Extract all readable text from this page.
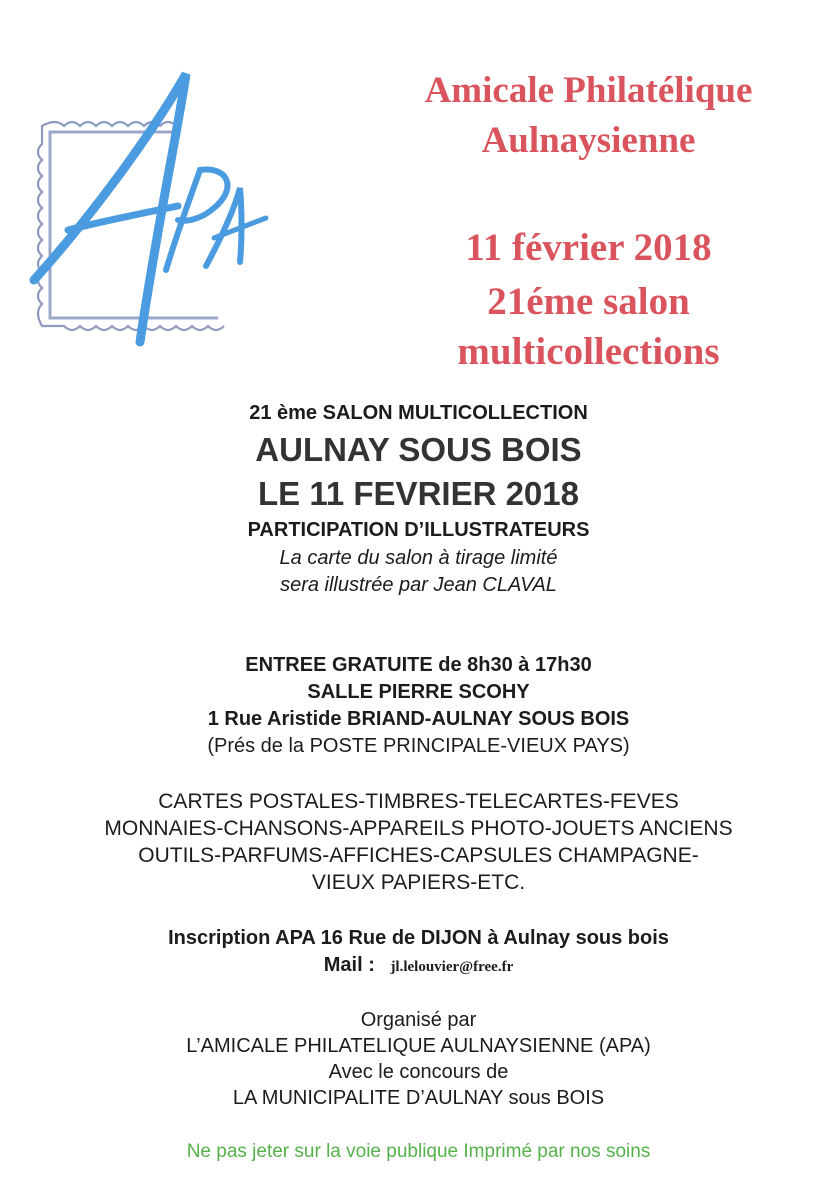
Amicale Philatélique
Aulnaysienne
11 février 2018
21éme salon
multicollections

21 ème SALON MULTICOLLECTION

AULNAY SOUS BOIS

LE 11 FEVRIER 2018

PARTICIPATION D’ILLUSTRATEURS

La carte du salon à tirage limité

sera illustrée par Jean CLAVAL

ENTREE GRATUITE de 8h30 à 17h30

SALLE PIERRE SCOHY

1 Rue Aristide BRIAND-AULNAY SOUS BOIS

(Prés de la POSTE PRINCIPALE-VIEUX PAYS)

CARTES POSTALES-TIMBRES-TELECARTES-FEVES

MONNAIES-CHANSONS-APPAREILS PHOTO-JOUETS ANCIENS

OUTILS-PARFUMS-AFFICHES-CAPSULES CHAMPAGNE-

VIEUX PAPIERS-ETC.

Inscription APA 16 Rue de DIJON à Aulnay sous bois

Mail : jl.lelouvier@free.fr

Organisé par

L’AMICALE PHILATELIQUE AULNAYSIENNE (APA)

Avec le concours de

LA MUNICIPALITE D’AULNAY sous BOIS

Ne pas jeter sur la voie publique Imprimé par nos soins
